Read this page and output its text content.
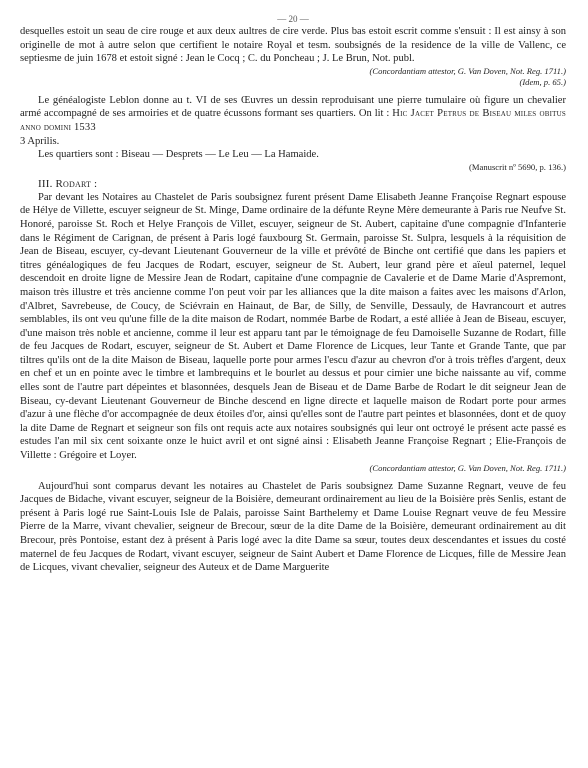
— 20 —

desquelles estoit un seau de cire rouge et aux deux aultres de cire verde. Plus bas estoit escrit comme s'ensuit : Il est ainsy à son originelle de mot à autre selon que certifient le notaire Royal et tesm. soubsignés de la residence de la ville de Vallenc, ce septiesme de juin 1678 et estoit signé : Jean le Cocq ; C. du Poncheau ; J. Le Brun, Not. publ.

(Concordantiam attestor, G. Van Doven, Not. Reg. 1711.)

(Idem, p. 65.)

Le généalogiste Leblon donne au t. VI de ses Œuvres un dessin reproduisant une pierre tumulaire où figure un chevalier armé accompagné de ses armoiries et de quatre écussons formant ses quartiers. On lit : Hic Jacet Petrus de Biseau miles obitus anno domini 1533
3 Aprilis.

Les quartiers sont : Biseau — Desprets — Le Leu — La Hamaide.

(Manuscrit nº 5690, p. 136.)

III. Rodart :

Par devant les Notaires au Chastelet de Paris soubsignez furent présent Dame Elisabeth Jeanne Françoise Regnart espouse de Hélye de Villette, escuyer seigneur de St. Minge, Dame ordinaire de la défunte Reyne Mère demeurante à Paris rue Neufve St. Honoré, paroisse St. Roch et Helye François de Villet, escuyer, seigneur de St. Aubert, capitaine d'une compagnie d'Infanterie dans le Régiment de Carignan, de présent à Paris logé fauxbourg St. Germain, paroisse St. Sulpra, lesquels à la réquisition de Jean de Biseau, escuyer, cy-devant Lieutenant Gouverneur de la ville et prévôté de Binche ont certifié que dans les papiers et titres généalogiques de feu Jacques de Rodart, escuyer, seigneur de St. Aubert, leur grand père et aïeul paternel, lequel descendoit en droite ligne de Messire Jean de Rodart, capitaine d'une compagnie de Cavalerie et de Dame Marie d'Aspremont, maison très illustre et très ancienne comme l'on peut voir par les alliances que la dite maison a faites avec les maisons d'Arlon, d'Albret, Savrebeuse, de Coucy, de Sciévrain en Hainaut, de Bar, de Silly, de Senville, Dessauly, de Havrancourt et autres semblables, ils ont veu qu'une fille de la dite maison de Rodart, nommée Barbe de Rodart, a esté alliée à Jean de Biseau, escuyer, d'une maison très noble et ancienne, comme il leur est apparu tant par le témoignage de feu Damoiselle Suzanne de Rodart, fille de feu Jacques de Rodart, escuyer, seigneur de St. Aubert et Dame Florence de Licques, leur Tante et Grande Tante, que par tiltres qu'ils ont de la dite Maison de Biseau, laquelle porte pour armes l'escu d'azur au chevron d'or à trois trèfles d'argent, deux en chef et un en pointe avec le timbre et lambrequins et le bourlet au dessus et pour cimier une biche naissante au vif, comme elles sont de l'autre part dépeintes et blasonnées, desquels Jean de Biseau et de Dame Barbe de Rodart le dit seigneur Jean de Biseau, cy-devant Lieutenant Gouverneur de Binche descend en ligne directe et laquelle maison de Rodart porte pour armes d'azur à une flèche d'or accompagnée de deux étoiles d'or, ainsi qu'elles sont de l'autre part peintes et blasonnées, dont et de quoy la dite Dame de Regnart et seigneur son fils ont requis acte aux notaires soubsignés qui leur ont octroyé le présent acte passé es estudes l'an mil six cent soixante onze le huict avril et ont signé ainsi : Elisabeth Jeanne Françoise Regnart ; Elie-François de Villette : Grégoire et Loyer.

(Concordantiam attestor, G. Van Doven, Not. Reg. 1711.)

Aujourd'hui sont comparus devant les notaires au Chastelet de Paris soubsignez Dame Suzanne Regnart, veuve de feu Jacques de Bidache, vivant escuyer, seigneur de la Boisière, demeurant ordinairement au lieu de la Boisière près Senlis, estant de présent à Paris logé rue Saint-Louis Isle de Palais, paroisse Saint Barthelemy et Dame Louise Regnart veuve de feu Messire Pierre de la Marre, vivant chevalier, seigneur de Brecour, sœur de la dite Dame de la Boisière, demeurant ordinairement au dit Brecour, près Pontoise, estant dez à présent à Paris logé avec la dite Dame sa sœur, toutes deux descendantes et issues du costé maternel de feu Jacques de Rodart, vivant escuyer, seigneur de Saint Aubert et Dame Florence de Licques, fille de Messire Jean de Licques, vivant chevalier, seigneur des Auteux et de Dame Marguerite
